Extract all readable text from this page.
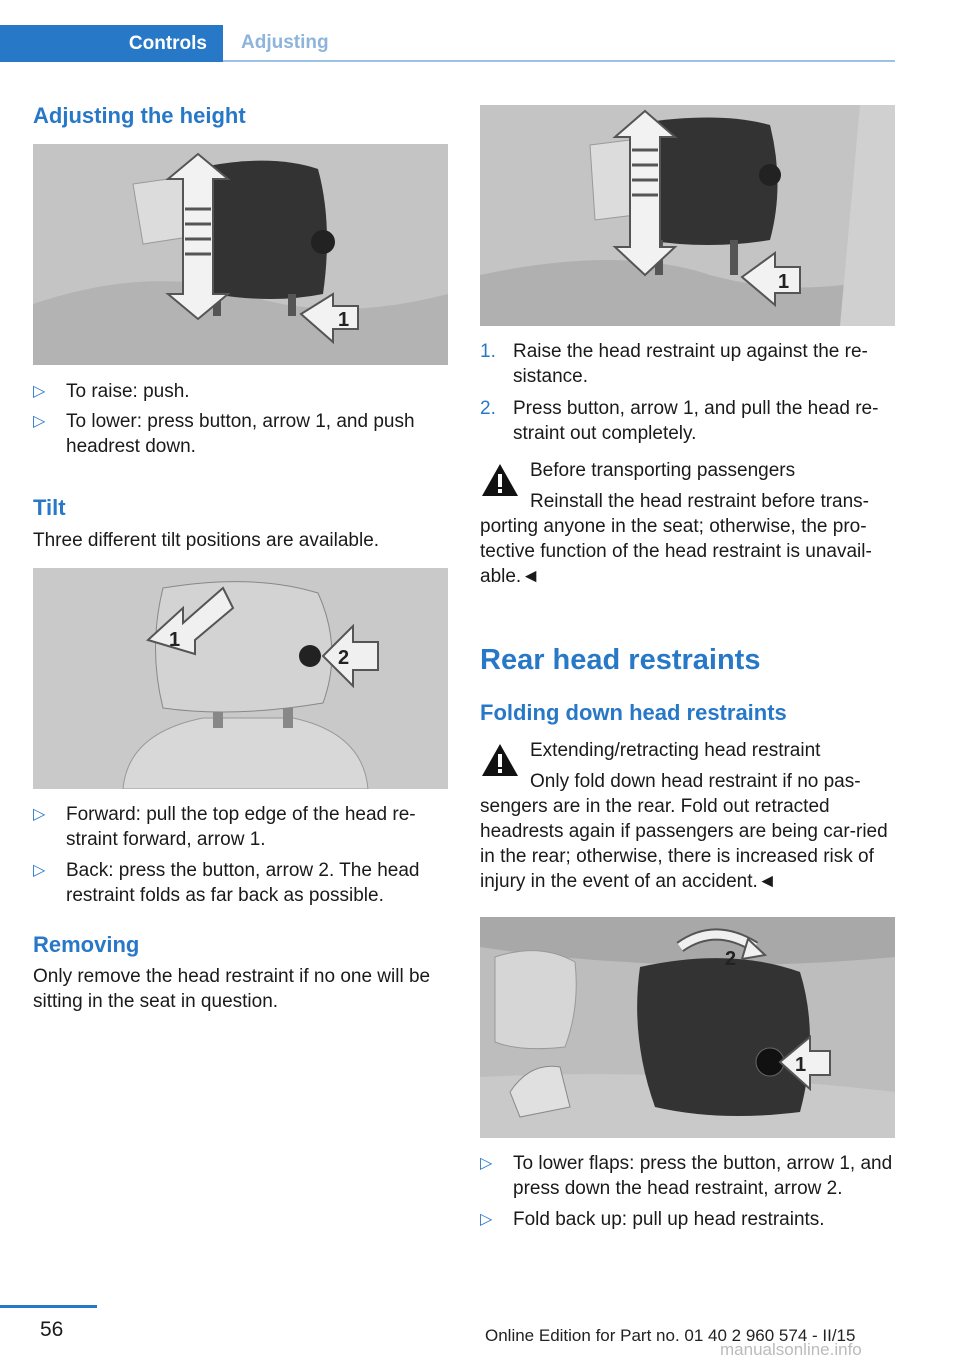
Controls	Adjusting
Adjusting the height
1
▷ To raise: push.
▷ To lower: press button, arrow 1, and push headrest down.
Tilt

Three different tilt positions are available.

1
2
▷ Forward: pull the top edge of the head re-straint forward, arrow 1.
▷ Back: press the button, arrow 2. The head restraint folds as far back as possible.
Removing

Only remove the head restraint if no one will be sitting in the seat in question.

1
1. Raise the head restraint up against the re-sistance.
2. Press button, arrow 1, and pull the head re-straint out completely.
Before transporting passengers
Reinstall the head restraint before trans-

porting anyone in the seat; otherwise, the pro-tective function of the head restraint is unavail-able.◄

Rear head restraints
Folding down head restraints
Extending/retracting head restraint
Only fold down head restraint if no pas-

sengers are in the rear. Fold out retracted headrests again if passengers are being car-ried in the rear; otherwise, there is increased risk of injury in the event of an accident.◄

2
1
▷ To lower flaps: press the button, arrow 1, and press down the head restraint, arrow 2.
▷ Fold back up: pull up head restraints.
56	Online Edition for Part no. 01 40 2 960 574 - II/15
manualsonline.info
